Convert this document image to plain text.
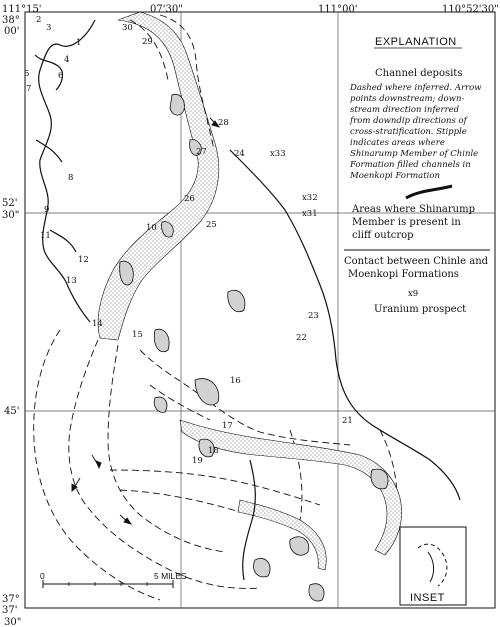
111°15'	07'30"	111°00'	110°52'30"
38°
00'
52'
30"
45'
37°
37'
30"
1
2
3
4
5	6
7
8
9
10
11
12
13
14
15
16
17
18
19
21
22
23
24
25
26
27
28
29
30
x31
x32
x33
EXPLANATION
Channel deposits
Dashed where inferred. Arrow
points downstream; down-
stream direction inferred
from downdip directions of
cross-stratification. Stipple
indicates areas where
Shinarump Member of Chinle
Formation filled channels in
Moenkopi Formation
Areas where Shinarump
Member is present in
cliff outcrop
Contact between Chinle and
Moenkopi Formations
x9
Uranium prospect
INSET
0	5 MILES
